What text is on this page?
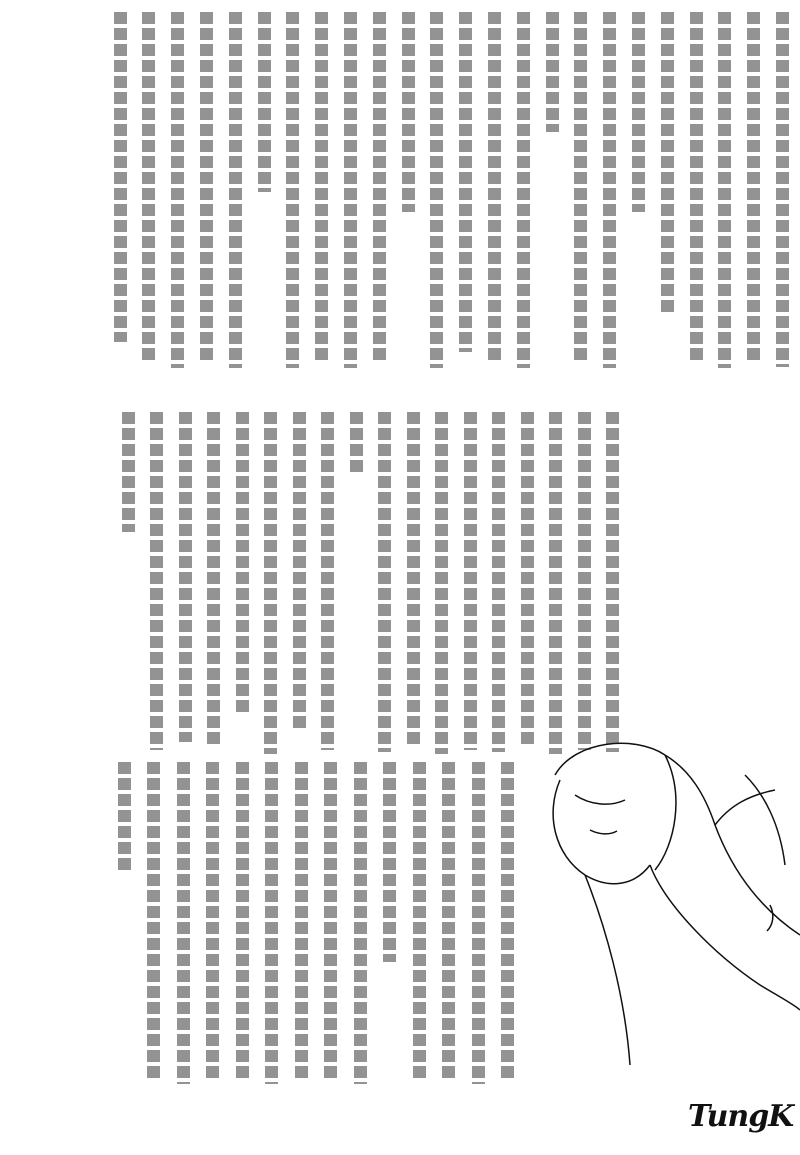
TungK
